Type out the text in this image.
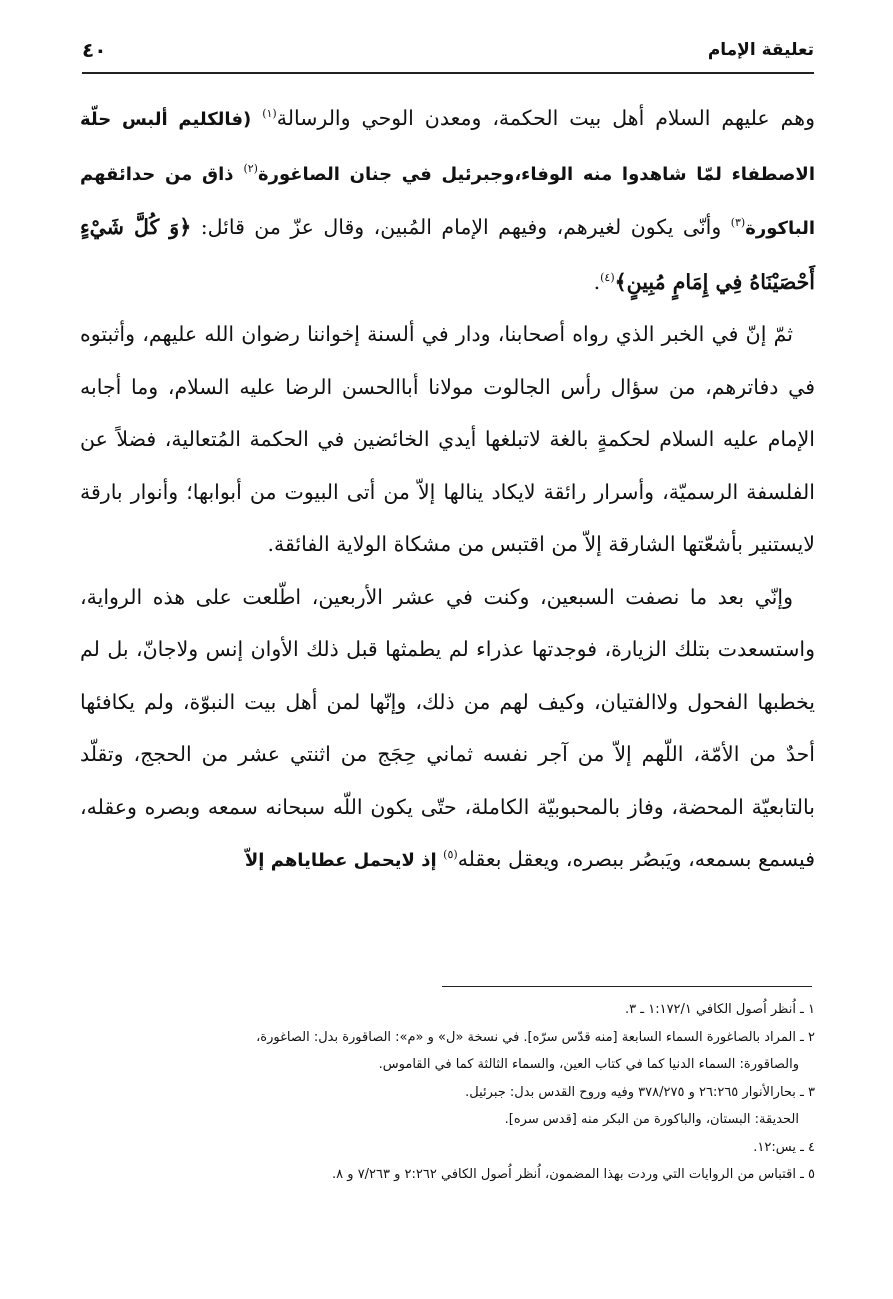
٤٠	تعليقة الإمام

وهم عليهم السلام أهل بيت الحكمة، ومعدن الوحي والرسالة$^{(١)}$ (فالكليم ألبس حلّة الاصطفاء لمّا شاهدوا منه الوفاء،وجبرئيل في جنان الصاغورة$^{(٢)}$ ذاق من حدائقهم الباكورة$^{(٣)}$ وأنّى يكون لغيرهم، وفيهم الإمام المُبين، وقال عزّ من قائل: ﴿وَ كُلَّ شَيْءٍ أَحْصَيْنَاهُ فِي إِمَامٍ مُبِينٍ﴾$^{(٤)}$.

ثمّ إنّ في الخبر الذي رواه أصحابنا، ودار في ألسنة إخواننا رضوان الله عليهم، وأثبتوه في دفاترهم، من سؤال رأس الجالوت مولانا أباالحسن الرضا عليه السلام، وما أجابه الإمام عليه السلام لحكمةٍ بالغة لاتبلغها أيدي الخائضين في الحكمة المُتعالية، فضلاً عن الفلسفة الرسميّة، وأسرار رائقة لايكاد ينالها إلاّ من أتى البيوت من أبوابها؛ وأنوار بارقة لايستنير بأشعّتها الشارقة إلاّ من اقتبس من مشكاة الولاية الفائقة.

وإنّي بعد ما نصفت السبعين، وكنت في عشر الأربعين، اطّلعت على هذه الرواية، واستسعدت بتلك الزيارة، فوجدتها عذراء لم يطمثها قبل ذلك الأوان إنس ولاجانّ، بل لم يخطبها الفحول ولاالفتيان، وكيف لهم من ذلك، وإنّها لمن أهل بيت النبوّة، ولم يكافئها أحدٌ من الأمّة، اللّهم إلاّ من آجر نفسه ثماني حِجَج من اثنتي عشر من الحجج، وتقلّد بالتابعيّة المحضة، وفاز بالمحبوبيّة الكاملة، حتّى يكون اللّه سبحانه سمعه وبصره وعقله، فيسمع بسمعه، ويَبصُر ببصره، ويعقل بعقله$^{(٥)}$ إذ لايحمل عطاياهم إلاّ

١ ـ اُنظر اُصول الكافي ١:١٧٢/١ ـ ٣.
٢ ـ المراد بالصاغورة السماء السابعة [منه قدّس سرّه]. في نسخة «ل» و «م»: الصاقورة بدل: الصاغورة،
والصاقورة: السماء الدنيا كما في كتاب العين، والسماء الثالثة كما في القاموس.
٣ ـ بحارالأنوار ٢٦:٢٦٥ و ٣٧٨/٢٧٥ وفيه وروح القدس بدل: جبرئيل.
الحديقة: البستان، والباكورة من البكر منه [قدس سره].
٤ ـ يس:١٢.
٥ ـ اقتباس من الروايات التي وردت بهذا المضمون، اُنظر اُصول الكافي ٢:٢٦٢ و ٧/٢٦٣ و ٨.
